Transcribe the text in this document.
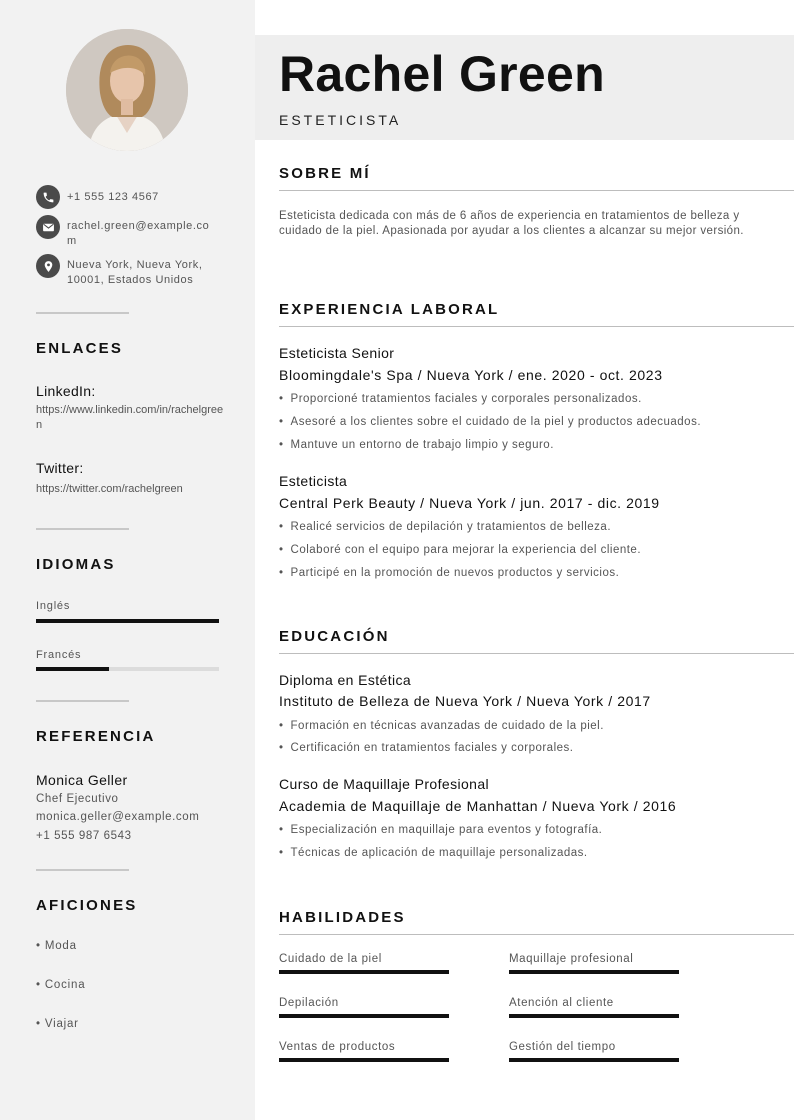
+1 555 123 4567
rachel.green@example.com
Nueva York, Nueva York, 10001, Estados Unidos
ENLACES
LinkedIn:
https://www.linkedin.com/in/rachelgreen
Twitter:
https://twitter.com/rachelgreen
IDIOMAS
Inglés
Francés
REFERENCIA
Monica Geller
Chef Ejecutivo
monica.geller@example.com
+1 555 987 6543
AFICIONES
• Moda
• Cocina
• Viajar
Rachel Green
ESTETICISTA
SOBRE MÍ
Esteticista dedicada con más de 6 años de experiencia en tratamientos de belleza y cuidado de la piel. Apasionada por ayudar a los clientes a alcanzar su mejor versión.
EXPERIENCIA LABORAL
Esteticista Senior
Bloomingdale's Spa / Nueva York / ene. 2020 - oct. 2023
• Proporcioné tratamientos faciales y corporales personalizados.
• Asesoré a los clientes sobre el cuidado de la piel y productos adecuados.
• Mantuve un entorno de trabajo limpio y seguro.
Esteticista
Central Perk Beauty / Nueva York / jun. 2017 - dic. 2019
• Realicé servicios de depilación y tratamientos de belleza.
• Colaboré con el equipo para mejorar la experiencia del cliente.
• Participé en la promoción de nuevos productos y servicios.
EDUCACIÓN
Diploma en Estética
Instituto de Belleza de Nueva York / Nueva York / 2017
• Formación en técnicas avanzadas de cuidado de la piel.
• Certificación en tratamientos faciales y corporales.
Curso de Maquillaje Profesional
Academia de Maquillaje de Manhattan / Nueva York / 2016
• Especialización en maquillaje para eventos y fotografía.
• Técnicas de aplicación de maquillaje personalizadas.
HABILIDADES
Cuidado de la piel	Maquillaje profesional
Depilación	Atención al cliente
Ventas de productos	Gestión del tiempo
